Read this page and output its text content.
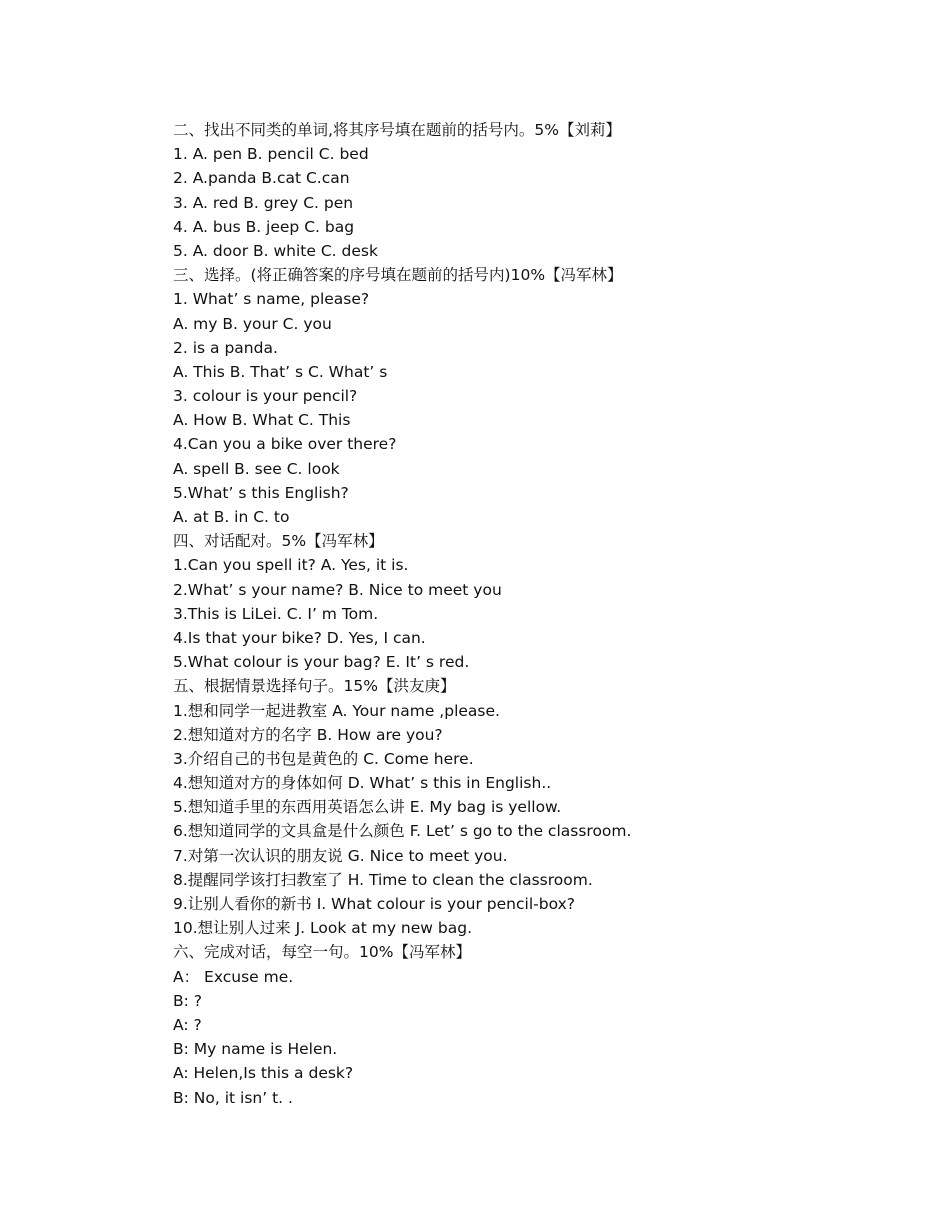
二、找出不同类的单词,将其序号填在题前的括号内。5%【刘莉】
1. A. pen B. pencil C. bed
2. A.panda B.cat C.can
3. A. red B. grey C. pen
4. A. bus B. jeep C. bag
5. A. door B. white C. desk
三、选择。(将正确答案的序号填在题前的括号内)10%【冯军林】
1. What’ s name, please?
A. my B. your C. you
2. is a panda.
A. This B. That’ s C. What’ s
3. colour is your pencil?
A. How B. What C. This
4.Can you a bike over there?
A. spell B. see C. look
5.What’ s this English?
A. at B. in C. to
四、对话配对。5%【冯军林】
1.Can you spell it? A. Yes, it is.
2.What’ s your name? B. Nice to meet you
3.This is LiLei. C. I’ m Tom.
4.Is that your bike? D. Yes, I can.
5.What colour is your bag? E. It’ s red.
五、根据情景选择句子。15%【洪友庚】
1.想和同学一起进教室 A. Your name ,please.
2.想知道对方的名字 B. How are you?
3.介绍自己的书包是黄色的 C. Come here.
4.想知道对方的身体如何 D. What’ s this in English..
5.想知道手里的东西用英语怎么讲 E. My bag is yellow.
6.想知道同学的文具盒是什么颜色 F. Let’ s go to the classroom.
7.对第一次认识的朋友说 G. Nice to meet you.
8.提醒同学该打扫教室了 H. Time to clean the classroom.
9.让别人看你的新书 I. What colour is your pencil-box?
10.想让别人过来 J. Look at my new bag.
六、完成对话，每空一句。10%【冯军林】
A： Excuse me.
B: ?
A: ?
B: My name is Helen.
A: Helen,Is this a desk?
B: No, it isn’ t. .
